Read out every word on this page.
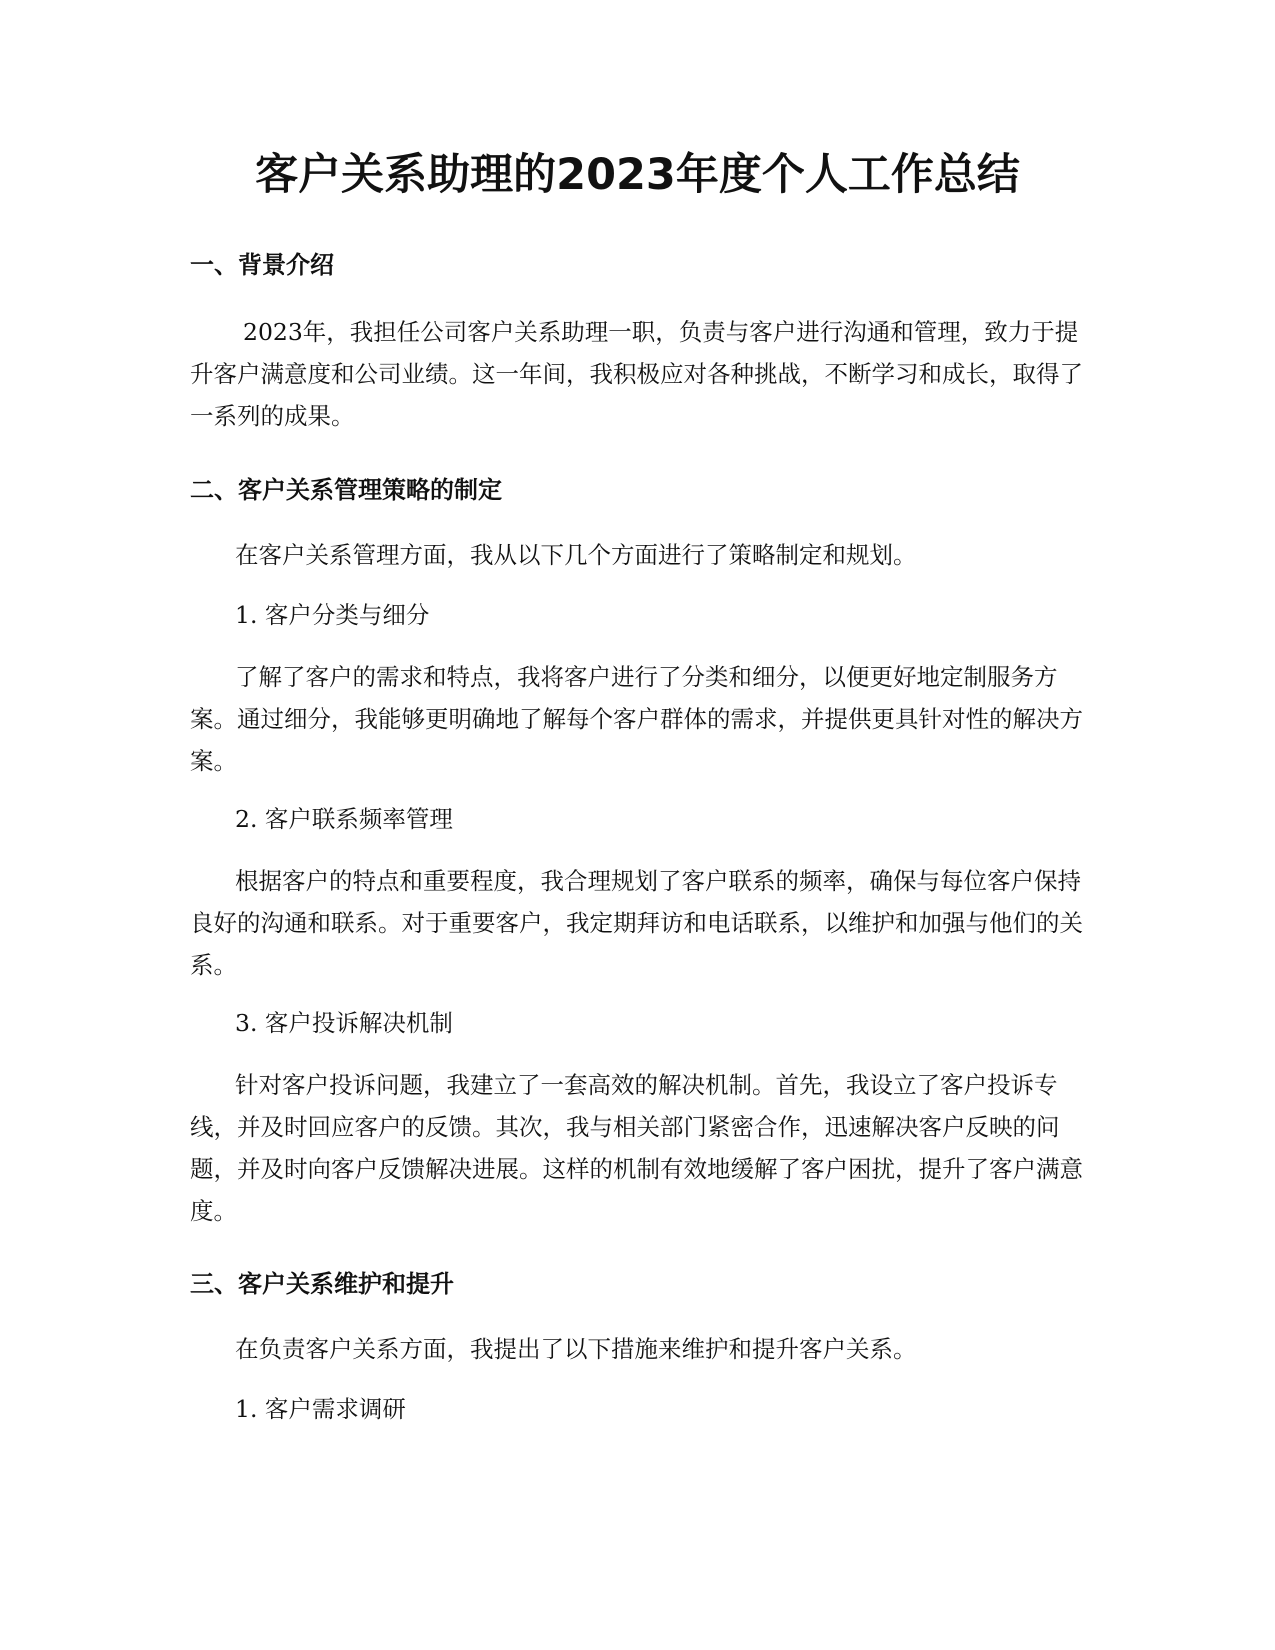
客户关系助理的2023年度个人工作总结
一、背景介绍

2023年，我担任公司客户关系助理一职，负责与客户进行沟通和管理，致力于提升客户满意度和公司业绩。这一年间，我积极应对各种挑战，不断学习和成长，取得了一系列的成果。

二、客户关系管理策略的制定

在客户关系管理方面，我从以下几个方面进行了策略制定和规划。

1. 客户分类与细分

了解了客户的需求和特点，我将客户进行了分类和细分，以便更好地定制服务方案。通过细分，我能够更明确地了解每个客户群体的需求，并提供更具针对性的解决方案。

2. 客户联系频率管理

根据客户的特点和重要程度，我合理规划了客户联系的频率，确保与每位客户保持良好的沟通和联系。对于重要客户，我定期拜访和电话联系，以维护和加强与他们的关系。

3. 客户投诉解决机制

针对客户投诉问题，我建立了一套高效的解决机制。首先，我设立了客户投诉专线，并及时回应客户的反馈。其次，我与相关部门紧密合作，迅速解决客户反映的问题，并及时向客户反馈解决进展。这样的机制有效地缓解了客户困扰，提升了客户满意度。

三、客户关系维护和提升

在负责客户关系方面，我提出了以下措施来维护和提升客户关系。

1. 客户需求调研
